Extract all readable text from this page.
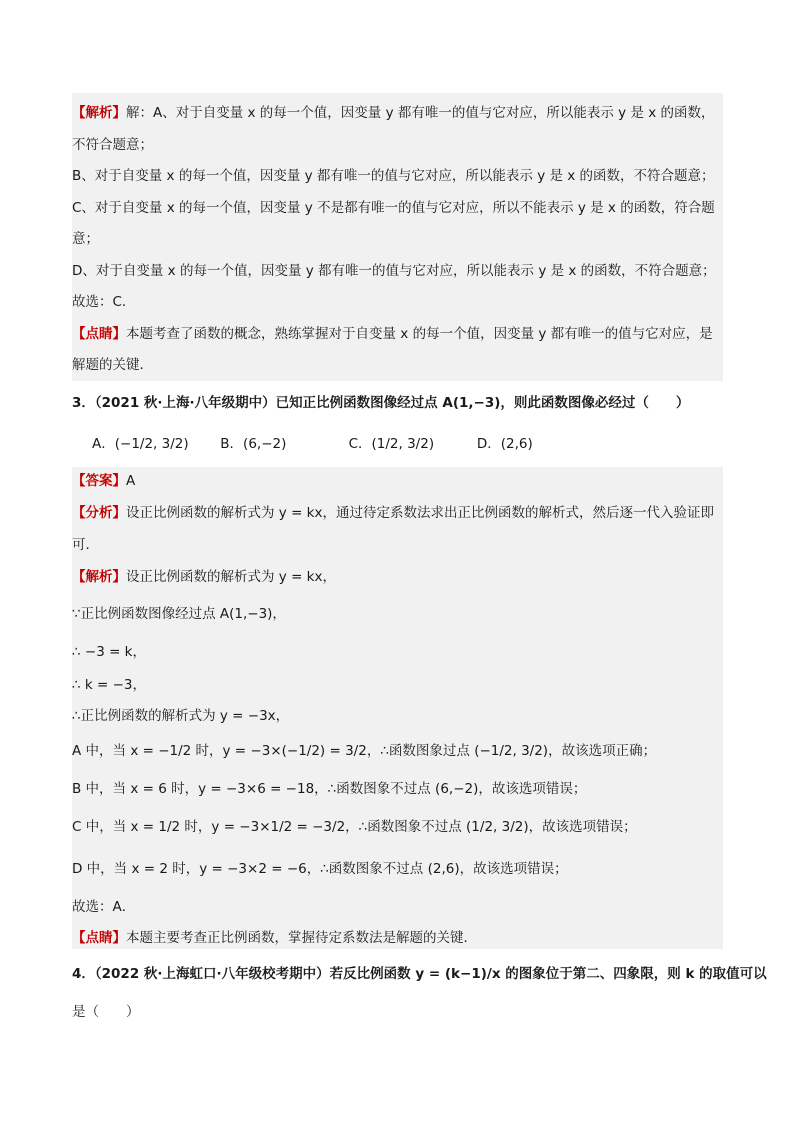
【解析】解：A、对于自变量 x 的每一个值，因变量 y 都有唯一的值与它对应，所以能表示 y 是 x 的函数，
不符合题意；
B、对于自变量 x 的每一个值，因变量 y 都有唯一的值与它对应，所以能表示 y 是 x 的函数，不符合题意；
C、对于自变量 x 的每一个值，因变量 y 不是都有唯一的值与它对应，所以不能表示 y 是 x 的函数，符合题
意；
D、对于自变量 x 的每一个值，因变量 y 都有唯一的值与它对应，所以能表示 y 是 x 的函数，不符合题意；
故选：C．
【点睛】本题考查了函数的概念，熟练掌握对于自变量 x 的每一个值，因变量 y 都有唯一的值与它对应，是
解题的关键．
3．（2021 秋·上海·八年级期中）已知正比例函数图像经过点 A(1,−3)，则此函数图像必经过（　　）
A．(−1/2, 3/2) B．(6,−2)	C．(1/2, 3/2)	D．(2,6)
【答案】A
【分析】设正比例函数的解析式为 y = kx，通过待定系数法求出正比例函数的解析式，然后逐一代入验证即
可．
【解析】设正比例函数的解析式为 y = kx，
∵正比例函数图像经过点 A(1,−3)，
∴ −3 = k，
∴ k = −3，
∴正比例函数的解析式为 y = −3x，
A 中，当 x = −1/2 时，y = −3×(−1/2) = 3/2，∴函数图象过点 (−1/2, 3/2)，故该选项正确；
B 中，当 x = 6 时，y = −3×6 = −18，∴函数图象不过点 (6,−2)，故该选项错误；
C 中，当 x = 1/2 时，y = −3×1/2 = −3/2，∴函数图象不过点 (1/2, 3/2)，故该选项错误；
D 中，当 x = 2 时，y = −3×2 = −6，∴函数图象不过点 (2,6)，故该选项错误；
故选：A．
【点睛】本题主要考查正比例函数，掌握待定系数法是解题的关键．
4．（2022 秋·上海虹口·八年级校考期中）若反比例函数 y = (k−1)/x 的图象位于第二、四象限，则 k 的取值可以
是（　　）
